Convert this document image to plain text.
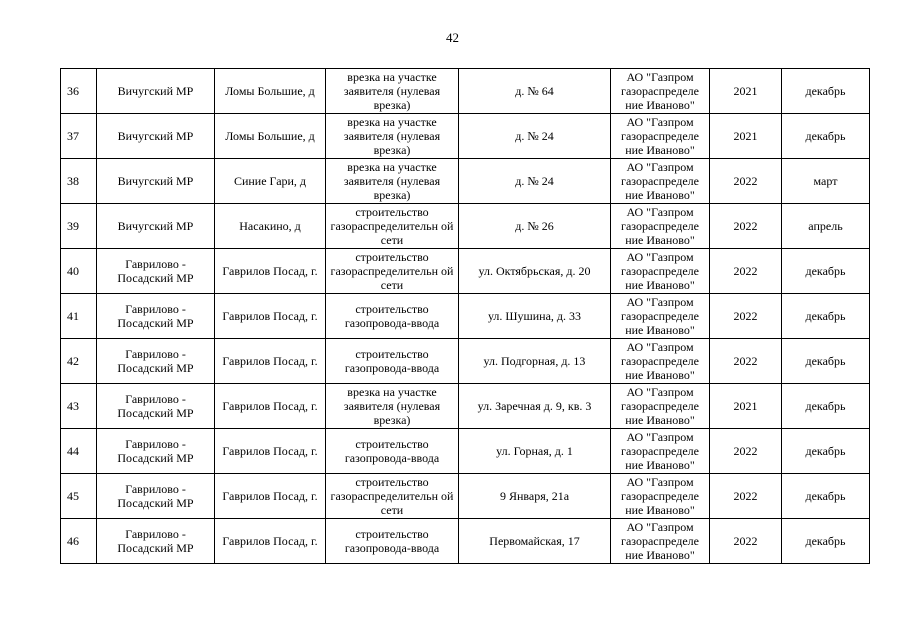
42
36	Вичугский МР	Ломы Большие, д	врезка на участке заявителя (нулевая врезка)	д. № 64	АО "Газпром газораспределе ние Иваново"	2021	декабрь
37	Вичугский МР	Ломы Большие, д	врезка на участке заявителя (нулевая врезка)	д. № 24	АО "Газпром газораспределе ние Иваново"	2021	декабрь
38	Вичугский МР	Синие Гари, д	врезка на участке заявителя (нулевая врезка)	д. № 24	АО "Газпром газораспределе ние Иваново"	2022	март
39	Вичугский МР	Насакино, д	строительство газораспределительн ой сети	д. № 26	АО "Газпром газораспределе ние Иваново"	2022	апрель
40	Гаврилово - Посадский МР	Гаврилов Посад, г.	строительство газораспределительн ой сети	ул. Октябрьская, д. 20	АО "Газпром газораспределе ние Иваново"	2022	декабрь
41	Гаврилово - Посадский МР	Гаврилов Посад, г.	строительство газопровода-ввода	ул. Шушина, д. 33	АО "Газпром газораспределе ние Иваново"	2022	декабрь
42	Гаврилово - Посадский МР	Гаврилов Посад, г.	строительство газопровода-ввода	ул. Подгорная, д. 13	АО "Газпром газораспределе ние Иваново"	2022	декабрь
43	Гаврилово - Посадский МР	Гаврилов Посад, г.	врезка на участке заявителя (нулевая врезка)	ул. Заречная д. 9, кв. 3	АО "Газпром газораспределе ние Иваново"	2021	декабрь
44	Гаврилово - Посадский МР	Гаврилов Посад, г.	строительство газопровода-ввода	ул. Горная, д. 1	АО "Газпром газораспределе ние Иваново"	2022	декабрь
45	Гаврилово - Посадский МР	Гаврилов Посад, г.	строительство газораспределительн ой сети	9 Января, 21а	АО "Газпром газораспределе ние Иваново"	2022	декабрь
46	Гаврилово - Посадский МР	Гаврилов Посад, г.	строительство газопровода-ввода	Первомайская, 17	АО "Газпром газораспределе ние Иваново"	2022	декабрь
